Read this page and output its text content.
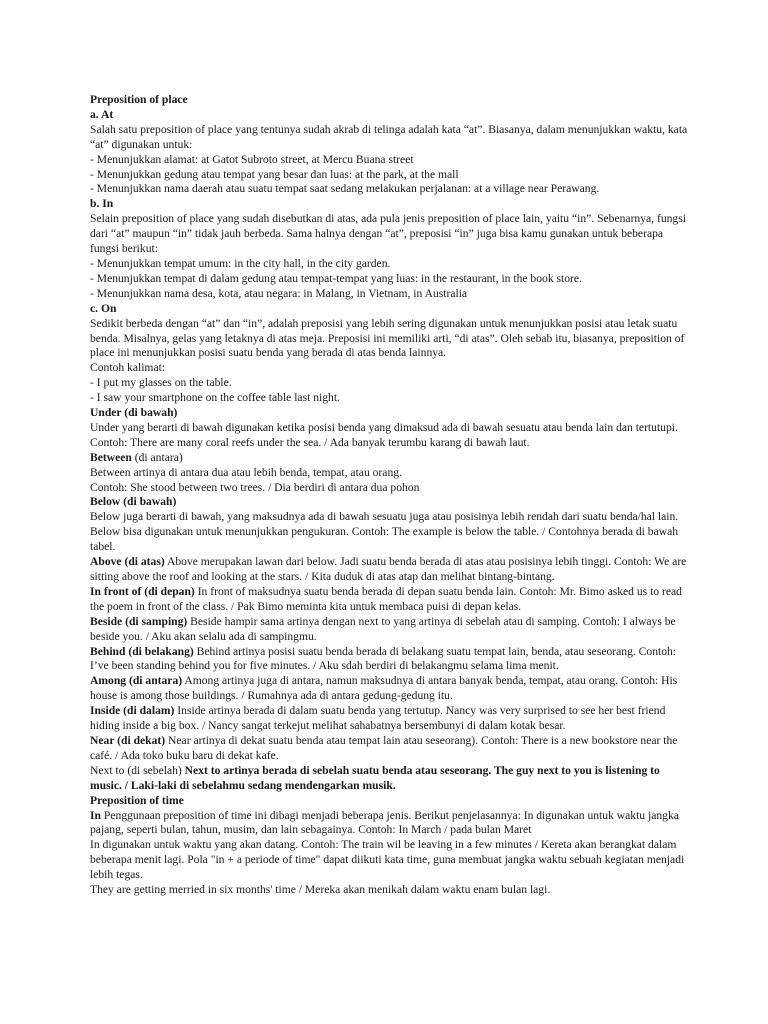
Preposition of place

a. At

Salah satu preposition of place yang tentunya sudah akrab di telinga adalah kata “at”. Biasanya, dalam menunjukkan waktu, kata “at” digunakan untuk:

- Menunjukkan alamat: at Gatot Subroto street, at Mercu Buana street

- Menunjukkan gedung atau tempat yang besar dan luas: at the park, at the mall

- Menunjukkan nama daerah atau suatu tempat saat sedang melakukan perjalanan: at a village near Perawang.

b. In

Selain preposition of place yang sudah disebutkan di atas, ada pula jenis preposition of place lain, yaitu “in”. Sebenarnya, fungsi dari “at” maupun “in” tidak jauh berbeda. Sama halnya dengan “at”, preposisi “in” juga bisa kamu gunakan untuk beberapa fungsi berikut:

- Menunjukkan tempat umum: in the city hall, in the city garden.

- Menunjukkan tempat di dalam gedung atau tempat-tempat yang luas: in the restaurant, in the book store.

- Menunjukkan nama desa, kota, atau negara: in Malang, in Vietnam, in Australia

c. On

Sedikit berbeda dengan “at” dan “in”, adalah preposisi yang lebih sering digunakan untuk menunjukkan posisi atau letak suatu benda. Misalnya, gelas yang letaknya di atas meja. Preposisi ini memiliki arti, “di atas”. Oleh sebab itu, biasanya, preposition of place ini menunjukkan posisi suatu benda yang berada di atas benda lainnya.

Contoh kalimat:

- I put my glasses on the table.

- I saw your smartphone on the coffee table last night.

Under (di bawah)

Under yang berarti di bawah digunakan ketika posisi benda yang dimaksud ada di bawah sesuatu atau benda lain dan tertutupi.

Contoh: There are many coral reefs under the sea. / Ada banyak terumbu karang di bawah laut.

Between (di antara)

Between artinya di antara dua atau lebih benda, tempat, atau orang.

Contoh: She stood between two trees. / Dia berdiri di antara dua pohon

Below (di bawah)

Below juga berarti di bawah, yang maksudnya ada di bawah sesuatu juga atau posisinya lebih rendah dari suatu benda/hal lain. Below bisa digunakan untuk menunjukkan pengukuran. Contoh: The example is below the table. / Contohnya berada di bawah tabel.

Above (di atas) Above merupakan lawan dari below. Jadi suatu benda berada di atas atau posisinya lebih tinggi. Contoh: We are sitting above the roof and looking at the stars. / Kita duduk di atas atap dan melihat bintang-bintang.

In front of (di depan) In front of maksudnya suatu benda berada di depan suatu benda lain. Contoh: Mr. Bimo asked us to read the poem in front of the class. / Pak Bimo meminta kita untuk membaca puisi di depan kelas.

Beside (di samping) Beside hampir sama artinya dengan next to yang artinya di sebelah atau di samping. Contoh: I always be beside you. / Aku akan selalu ada di sampingmu.

Behind (di belakang) Behind artinya posisi suatu benda berada di belakang suatu tempat lain, benda, atau seseorang. Contoh: I’ve been standing behind you for five minutes. / Aku sdah berdiri di belakangmu selama lima menit.

Among (di antara) Among artinya juga di antara, namun maksudnya di antara banyak benda, tempat, atau orang. Contoh: His house is among those buildings. / Rumahnya ada di antara gedung-gedung itu.

Inside (di dalam) Inside artinya berada di dalam suatu benda yang tertutup. Nancy was very surprised to see her best friend hiding inside a big box. / Nancy sangat terkejut melihat sahabatnya bersembunyi di dalam kotak besar.

Near (di dekat) Near artinya di dekat suatu benda atau tempat lain atau seseorang). Contoh: There is a new bookstore near the café. / Ada toko buku baru di dekat kafe.

Next to (di sebelah) Next to artinya berada di sebelah suatu benda atau seseorang. The guy next to you is listening to music. / Laki-laki di sebelahmu sedang mendengarkan musik.

Preposition of time

In Penggunaan preposition of time ini dibagi menjadi beberapa jenis. Berikut penjelasannya: In digunakan untuk waktu jangka pajang, seperti bulan, tahun, musim, dan lain sebagainya. Contoh: In March / pada bulan Maret

In digunakan untuk waktu yang akan datang. Contoh: The train wil be leaving in a few minutes / Kereta akan berangkat dalam beberapa menit lagi. Pola "in + a periode of time" dapat diikuti kata time, guna membuat jangka waktu sebuah kegiatan menjadi lebih tegas.

They are getting merried in six months' time / Mereka akan menikah dalam waktu enam bulan lagi.
